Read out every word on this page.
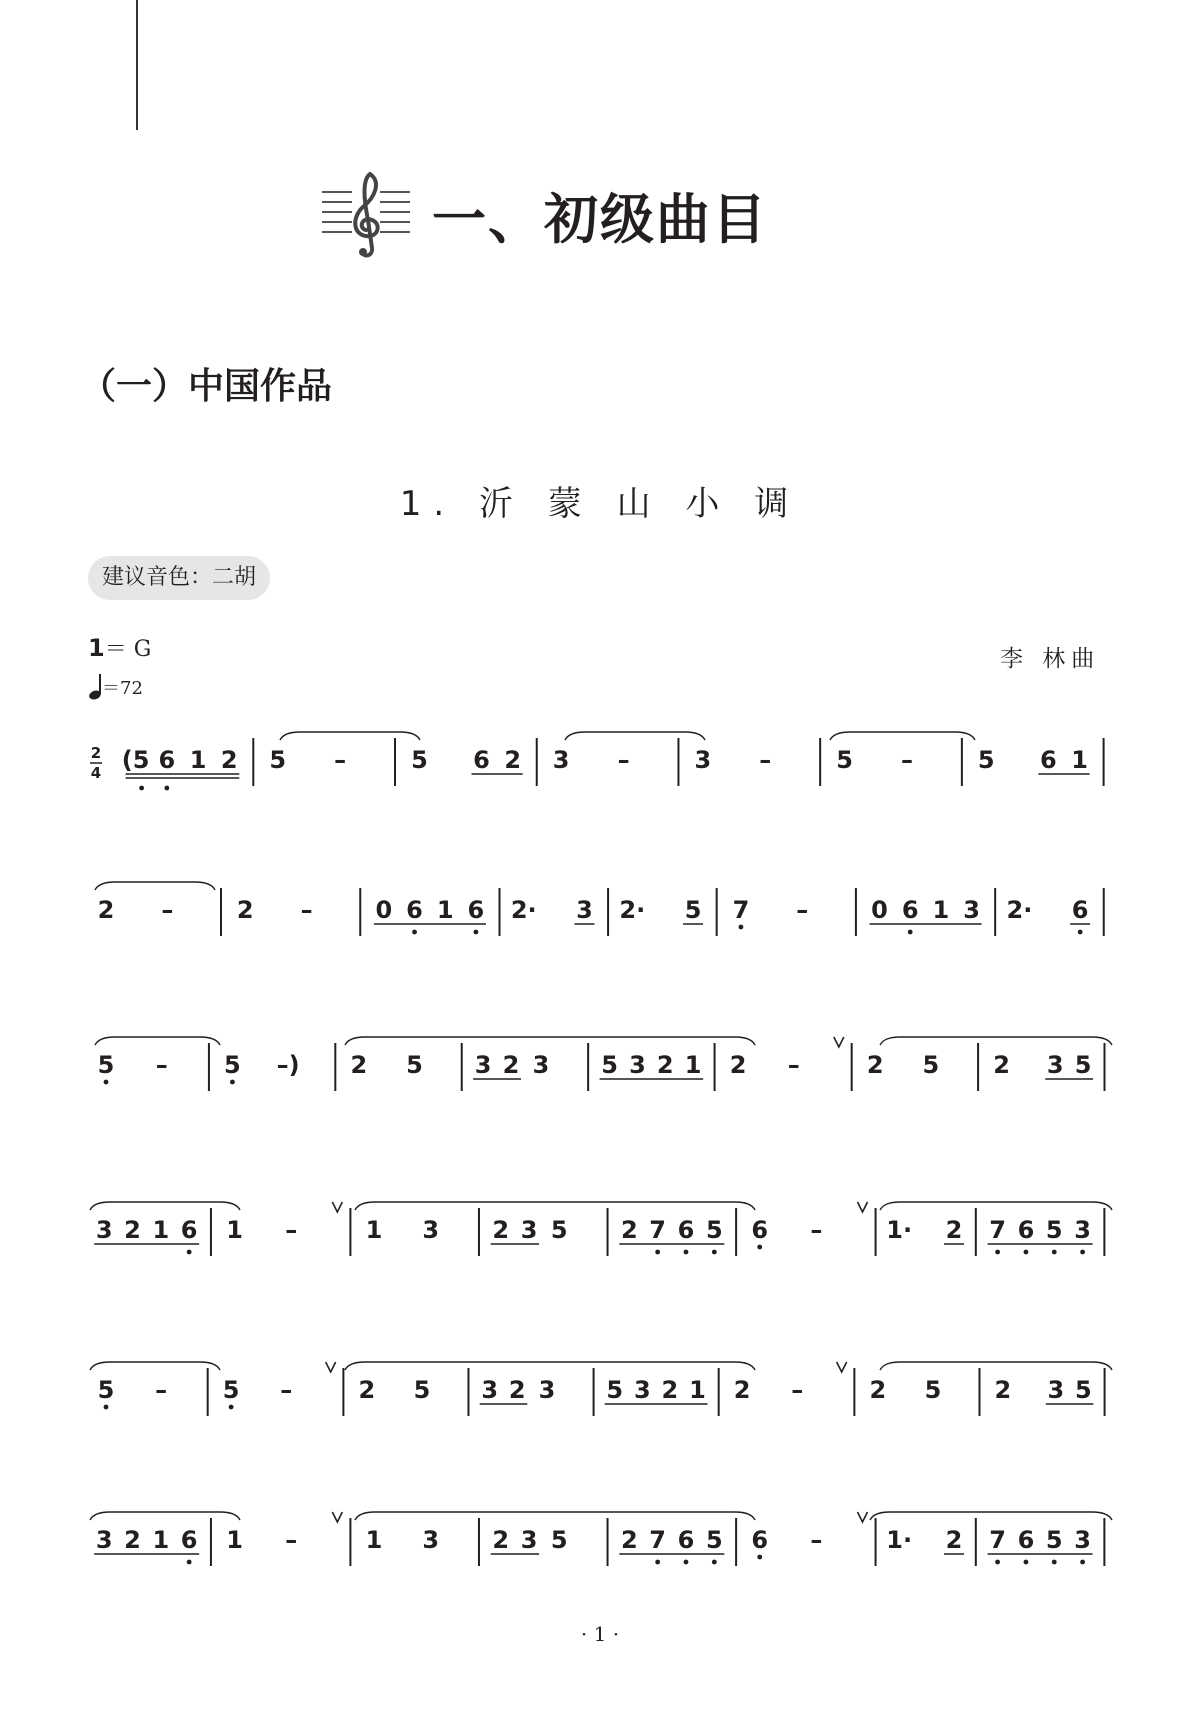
一、初级曲目
（一）中国作品
1. 沂 蒙 山 小 调
建议音色：二胡
1＝ G
＝72
李 林曲
2
4 (5 6 1 2 5 –	5 6 2 3 –	3 –	5 –	5 6 1
2 –	2 –	0 6 1 6 2· 3 2· 5 7 –	0 6 1 3 2· 6
5 – 5 –) 2 5 3 2 3 5 3 2 1 2 –	2 5 2 3 5
3 2 1 6 1 –	1 3 2 3 5 2 7 6 5 6 –	1· 2 7 6 5 3
5 – 5 –	2 5 3 2 3 5 3 2 1 2 –	2 5 2 3 5
3 2 1 6 1 –	1 3 2 3 5 2 7 6 5 6 –	1· 2 7 6 5 3
· 1 ·
